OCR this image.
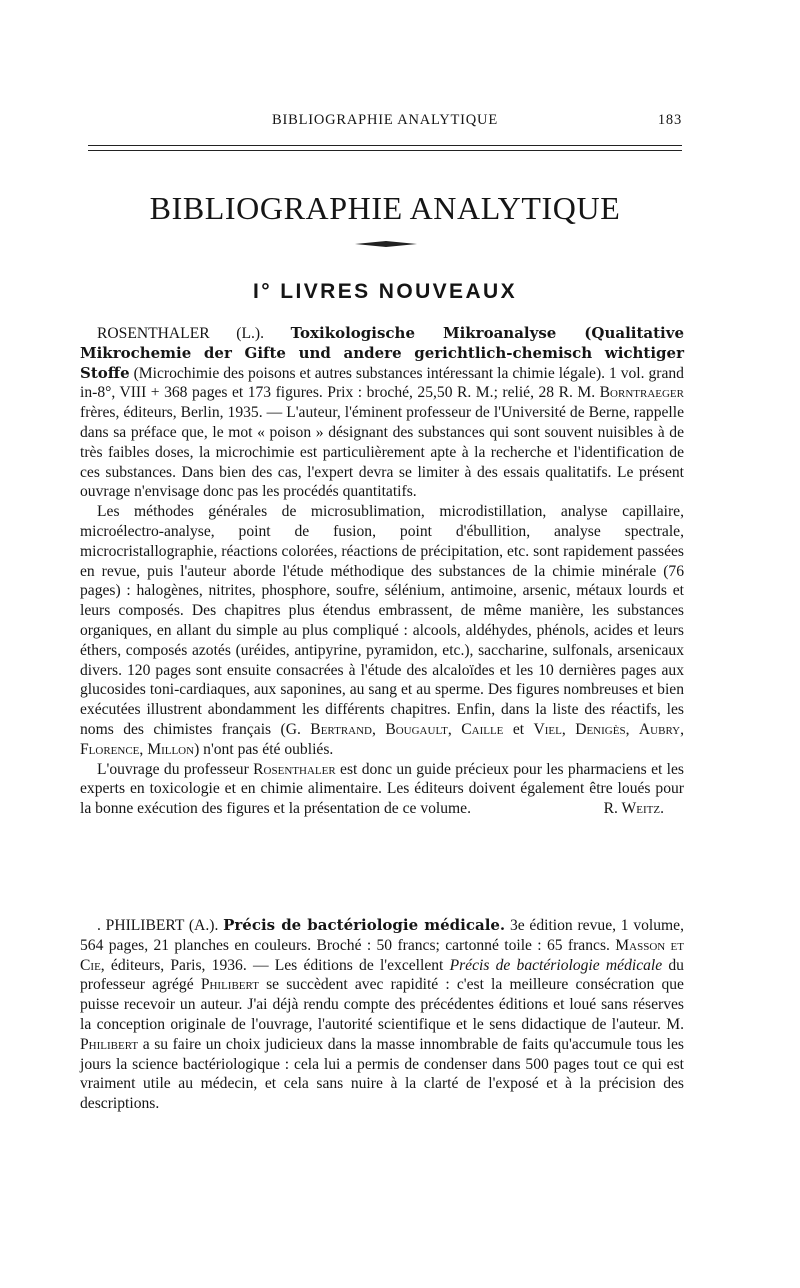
BIBLIOGRAPHIE ANALYTIQUE	183
BIBLIOGRAPHIE ANALYTIQUE
I° LIVRES NOUVEAUX

ROSENTHALER (L.). Toxikologische Mikroanalyse (Qualitative Mikrochemie der Gifte und andere gerichtlich-chemisch wichtiger Stoffe (Microchimie des poisons et autres substances intéressant la chimie légale). 1 vol. grand in-8°, VIII + 368 pages et 173 figures. Prix : broché, 25,50 R. M.; relié, 28 R. M. Borntraeger frères, éditeurs, Berlin, 1935. — L'auteur, l'éminent professeur de l'Université de Berne, rappelle dans sa préface que, le mot « poison » désignant des substances qui sont souvent nuisibles à de très faibles doses, la microchimie est particulièrement apte à la recherche et l'identification de ces substances. Dans bien des cas, l'expert devra se limiter à des essais qualitatifs. Le présent ouvrage n'envisage donc pas les procédés quantitatifs.

Les méthodes générales de microsublimation, microdistillation, analyse capillaire, microélectro-analyse, point de fusion, point d'ébullition, analyse spectrale, microcristallographie, réactions colorées, réactions de précipitation, etc. sont rapidement passées en revue, puis l'auteur aborde l'étude méthodique des substances de la chimie minérale (76 pages) : halogènes, nitrites, phosphore, soufre, sélénium, antimoine, arsenic, métaux lourds et leurs composés. Des chapitres plus étendus embrassent, de même manière, les substances organiques, en allant du simple au plus compliqué : alcools, aldéhydes, phénols, acides et leurs éthers, composés azotés (uréides, antipyrine, pyramidon, etc.), saccharine, sulfonals, arsenicaux divers. 120 pages sont ensuite consacrées à l'étude des alcaloïdes et les 10 dernières pages aux glucosides toni-cardiaques, aux saponines, au sang et au sperme. Des figures nombreuses et bien exécutées illustrent abondamment les différents chapitres. Enfin, dans la liste des réactifs, les noms des chimistes français (G. Bertrand, Bougault, Caille et Viel, Denigès, Aubry, Florence, Millon) n'ont pas été oubliés.

L'ouvrage du professeur Rosenthaler est donc un guide précieux pour les pharmaciens et les experts en toxicologie et en chimie alimentaire. Les éditeurs doivent également être loués pour la bonne exécution des figures et la présentation de ce volume.	R. Weitz.

. PHILIBERT (A.). Précis de bactériologie médicale. 3e édition revue, 1 volume, 564 pages, 21 planches en couleurs. Broché : 50 francs; cartonné toile : 65 francs. Masson et Cie, éditeurs, Paris, 1936. — Les éditions de l'excellent Précis de bactériologie médicale du professeur agrégé Philibert se succèdent avec rapidité : c'est la meilleure consécration que puisse recevoir un auteur. J'ai déjà rendu compte des précédentes éditions et loué sans réserves la conception originale de l'ouvrage, l'autorité scientifique et le sens didactique de l'auteur. M. Philibert a su faire un choix judicieux dans la masse innombrable de faits qu'accumule tous les jours la science bactériologique : cela lui a permis de condenser dans 500 pages tout ce qui est vraiment utile au médecin, et cela sans nuire à la clarté de l'exposé et à la précision des descriptions.
